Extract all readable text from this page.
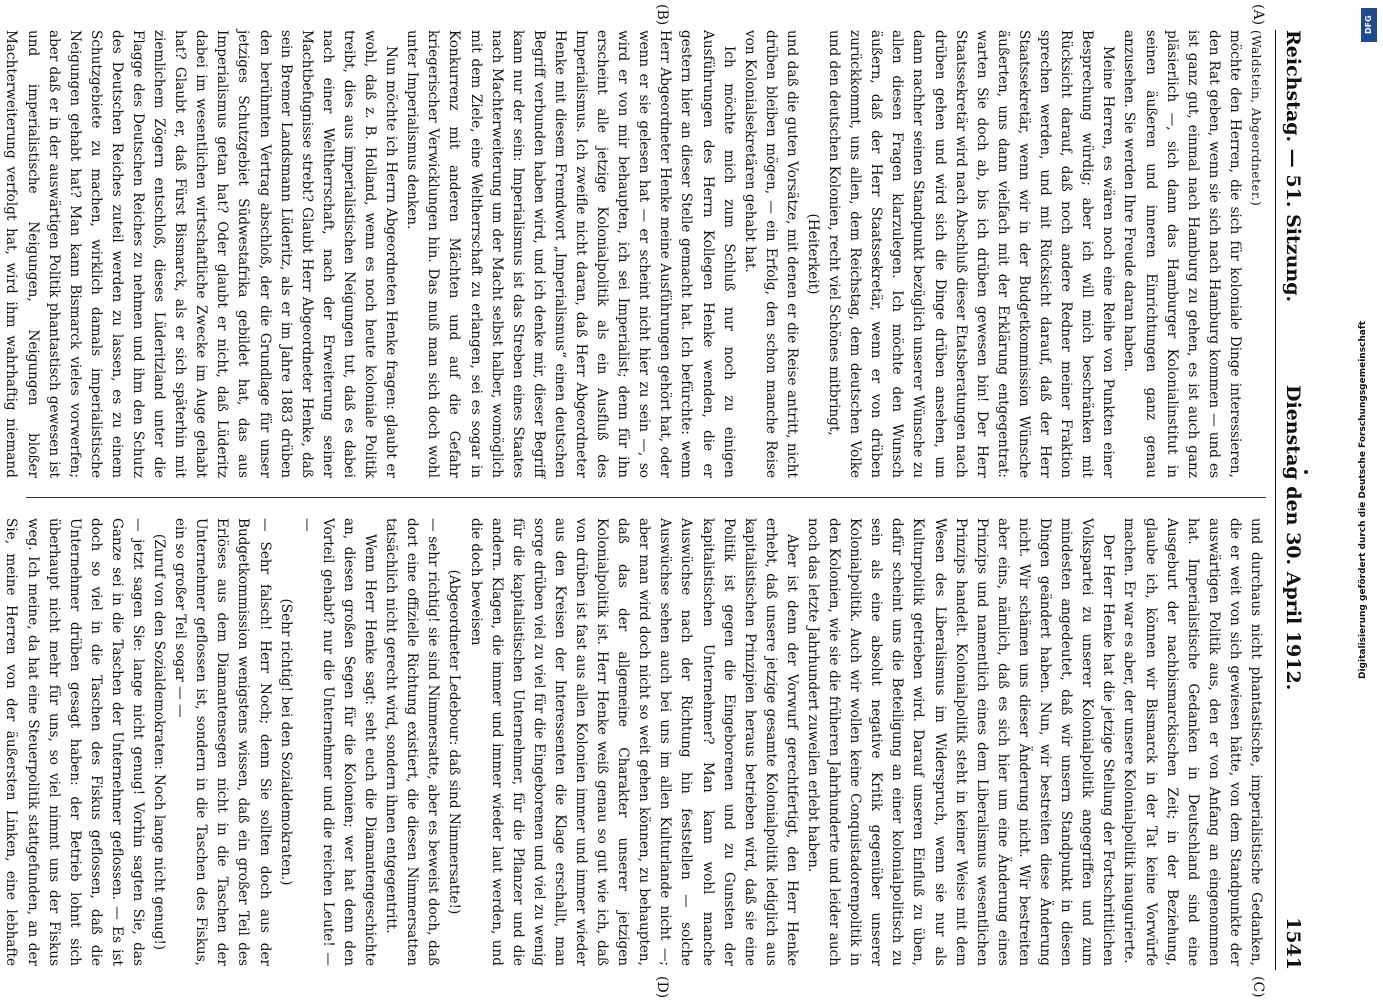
Reichstag. — 51. Sitzung.
Dienstag den 30. April 1912.
1541
(A)
(B)
(C)
(D)

(Waldstein, Abgeordneter.)

möchte den Herren, die sich für koloniale Dinge interessieren, den Rat geben, wenn sie sich nach Hamburg kommen — und es ist ganz gut, einmal nach Hamburg zu gehen, es ist auch ganz pläsierlich —, sich dann das Hamburger Kolonialinstitut in seinen äußeren und inneren Einrichtungen ganz genau anzusehen. Sie werden Ihre Freude daran haben.

Meine Herren, es wären noch eine Reihe von Punkten einer Besprechung würdig; aber ich will mich beschränken mit Rücksicht darauf, daß noch andere Redner meiner Fraktion sprechen werden, und mit Rücksicht darauf, daß der Herr Staatssekretär, wenn wir in der Budgetkommission Wünsche äußerten, uns dann vielfach mit der Erklärung entgegentrat: warten Sie doch ab, bis ich drüben gewesen bin! Der Herr Staatssekretär wird nach Abschluß dieser Etatsberatungen nach drüben gehen und wird sich die Dinge drüben ansehen, um dann nachher seinen Standpunkt bezüglich unserer Wünsche zu allen diesen Fragen klarzulegen. Ich möchte den Wunsch äußern, daß der Herr Staatssekretär, wenn er von drüben zurückkommt, uns allen, dem Reichstag, dem deutschen Volke und den deutschen Kolonien, recht viel Schönes mitbringt,

(Heiterkeit)

und daß die guten Vorsätze, mit denen er die Reise antritt, nicht drüben bleiben mögen, — ein Erfolg, den schon manche Reise von Kolonialsekretären gehabt hat.

Ich möchte mich zum Schluß nur noch zu einigen Ausführungen des Herrn Kollegen Henke wenden, die er gestern hier an dieser Stelle gemacht hat. Ich befürchte: wenn Herr Abgeordneter Henke meine Ausführungen gehört hat, oder wenn er sie gelesen hat — er scheint nicht hier zu sein —, so wird er von mir behaupten, ich sei Imperialist; denn für ihn erscheint alle jetzige Kolonialpolitik als ein Ausfluß des Imperialismus. Ich zweifle nicht daran, daß Herr Abgeordneter Henke mit diesem Fremdwort „Imperialismus“ einen deutschen Begriff verbunden haben wird, und ich denke mir, dieser Begriff kann nur der sein: Imperialismus ist das Streben eines Staates nach Machterweiterung um der Macht selbst halber, womöglich mit dem Ziele, eine Weltherrschaft zu erlangen, sei es sogar in Konkurrenz mit anderen Mächten und auf die Gefahr kriegerischer Verwicklungen hin. Das muß man sich doch wohl unter Imperialismus denken.

Nun möchte ich Herrn Abgeordneten Henke fragen: glaubt er wohl, daß z. B. Holland, wenn es noch heute koloniale Politik treibt, dies aus imperialistischen Neigungen tut, daß es dabei nach einer Weltherrschaft, nach der Erweiterung seiner Machtbefugnisse strebt? Glaubt Herr Abgeordneter Henke, daß sein Bremer Landsmann Lüderitz, als er im Jahre 1883 drüben den berühmten Vertrag abschloß, der die Grundlage für unser jetziges Schutzgebiet Südwestafrika gebildet hat, das aus Imperialismus getan hat? Oder glaubt er nicht, daß Lüderitz dabei im wesentlichen wirtschaftliche Zwecke im Auge gehabt hat? Glaubt er, daß Fürst Bismarck, als er sich späterhin mit ziemlichem Zögern entschloß, dieses Lüderitzland unter die Flagge des Deutschen Reiches zu nehmen und ihm den Schutz des Deutschen Reiches zuteil werden zu lassen, es zu einem Schutzgebiete zu machen, wirklich damals imperialistische Neigungen gehabt hat? Man kann Bismarck vieles vorwerfen; aber daß er in der auswärtigen Politik phantastisch gewesen ist und imperialistische Neigungen, Neigungen bloßer Machterweiterung verfolgt hat, wird ihm wahrhaftig niemand

und durchaus nicht phantastische, imperialistische Gedanken, die er weit von sich gewiesen hätte, von dem Standpunkte der auswärtigen Politik aus, den er von Anfang an eingenommen hat. Imperialistische Gedanken in Deutschland sind eine Ausgeburt der nachbismarckischen Zeit; in der Beziehung, glaube ich, können wir Bismarck in der Tat keine Vorwürfe machen. Er war es aber, der unsere Kolonialpolitik inaugurierte.

Der Herr Henke hat die jetzige Stellung der Fortschrittlichen Volkspartei zu unserer Kolonialpolitik angegriffen und zum mindesten angedeutet, daß wir unsern Standpunkt in diesen Dingen geändert haben. Nun, wir bestreiten diese Änderung nicht. Wir schämen uns dieser Änderung nicht. Wir bestreiten aber eins, nämlich, daß es sich hier um eine Änderung eines Prinzips und namentlich eines dem Liberalismus wesentlichen Prinzips handelt. Kolonialpolitik steht in keiner Weise mit dem Wesen des Liberalismus im Widerspruch, wenn sie nur als Kulturpolitik getrieben wird. Darauf unseren Einfluß zu üben, dafür scheint uns die Beteiligung an einer kolonialpolitisch zu sein als eine absolut negative Kritik gegenüber unserer Kolonialpolitik. Auch wir wollen keine Conquistadorenpolitik in den Kolonien, wie sie die früheren Jahrhunderte und leider auch noch das letzte Jahrhundert zuweilen erlebt haben.

Aber ist denn der Vorwurf gerechtfertigt, den Herr Henke erhebt, daß unsere jetzige gesamte Kolonialpolitik lediglich aus kapitalistischen Prinzipien heraus betrieben wird, daß sie eine Politik ist gegen die Eingeborenen und zu Gunsten der kapitalistischen Unternehmer? Man kann wohl manche Auswüchse nach der Richtung hin feststellen — solche Auswüchse sehen auch bei uns im allen Kulturlande nicht —; aber man wird doch nicht so weit gehen können, zu behaupten, daß das der allgemeine Charakter unserer jetzigen Kolonialpolitik ist. Herr Henke weiß genau so gut wie ich, daß von drüben ist fast aus allen Kolonien immer und immer wieder aus den Kreisen der Interessenten die Klage erschallt, man sorge drüben viel zu viel für die Eingeborenen und viel zu wenig für die kapitalistischen Unternehmer, für die Pflanzer und die andern. Klagen, die immer und immer wieder laut werden, und die doch beweisen

(Abgeordneter Ledebour: daß sind Nimmersatte!)

— sehr richtig! sie sind Nimmersatte, aber es beweist doch, daß dort eine offizielle Richtung existiert, die diesen Nimmersatten tatsächlich nicht gerecht wird, sondern ihnen entgegentritt.

Wenn Herr Henke sagt: seht euch die Diamantengeschichte an, diesen großen Segen für die Kolonien; wer hat denn den Vorteil gehabt? nur die Unternehmer und die reichen Leute! — —

(Sehr richtig! bei den Sozialdemokraten.)

— Sehr falsch! Herr Noch; denn Sie sollten doch aus der Budgetkommission wenigstens wissen, daß ein großer Teil des Erlöses aus dem Diamantensegen nicht in die Taschen der Unternehmer geflossen ist, sondern in die Taschen des Fiskus, ein so großer Teil sogar — —

(Zuruf von den Sozialdemokraten: Noch lange nicht genug!)

— jetzt sagen Sie: lange nicht genug! Vorhin sagten Sie, das Ganze sei in die Taschen der Unternehmer geflossen. — Es ist doch so viel in die Taschen des Fiskus geflossen, daß die Unternehmer drüben gesagt haben: der Betrieb lohnt sich überhaupt nicht mehr für uns, so viel nimmt uns der Fiskus weg. Ich meine, da hat eine Steuerpolitik stattgefunden, an der Sie, meine Herren von der äußersten Linken, eine lebhafte

DFG
Digitalisierung gefördert durch die Deutsche Forschungsgemeinschaft
